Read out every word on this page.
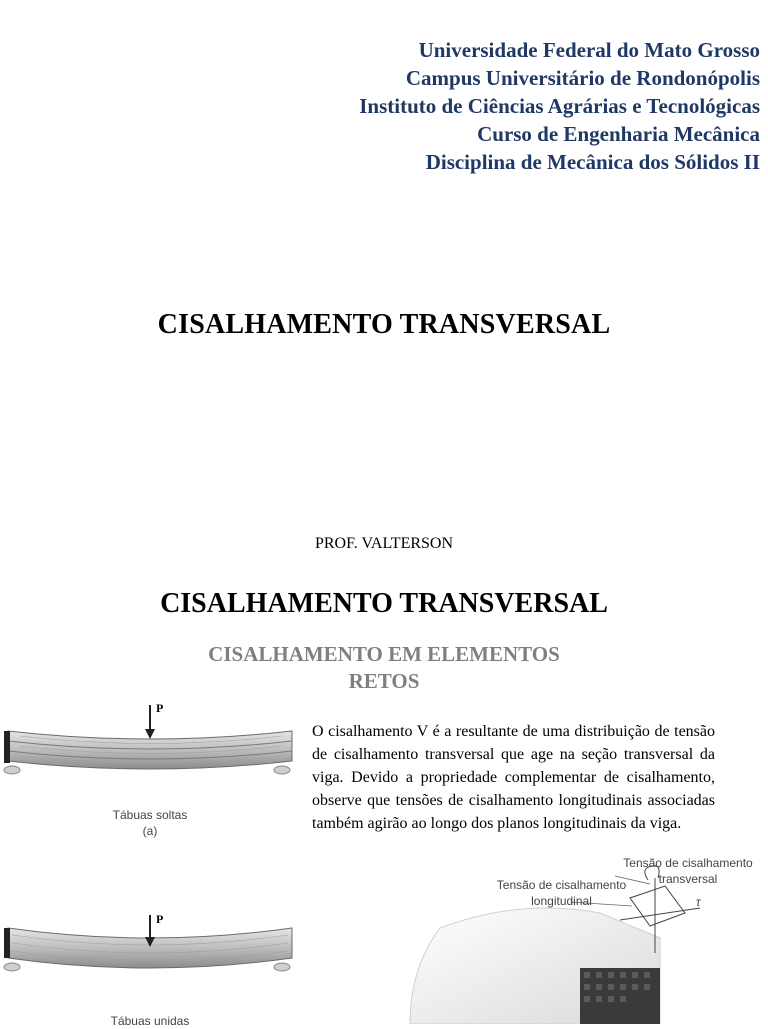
Universidade Federal do Mato Grosso
Campus Universitário de Rondonópolis
Instituto de Ciências Agrárias e Tecnológicas
Curso de Engenharia Mecânica
Disciplina de Mecânica dos Sólidos II
CISALHAMENTO TRANSVERSAL
PROF. VALTERSON
CISALHAMENTO TRANSVERSAL
CISALHAMENTO EM ELEMENTOS
RETOS
P
Tábuas soltas
(a)
P
Tábuas unidas
O cisalhamento V é a resultante de uma distribuição de tensão de cisalhamento transversal que age na seção transversal da viga. Devido a propriedade complementar de cisalhamento, observe que tensões de cisalhamento longitudinais associadas também agirão ao longo dos planos longitudinais da viga.
Tensão de cisalhamento
transversal
Tensão de cisalhamento
longitudinal	τ
